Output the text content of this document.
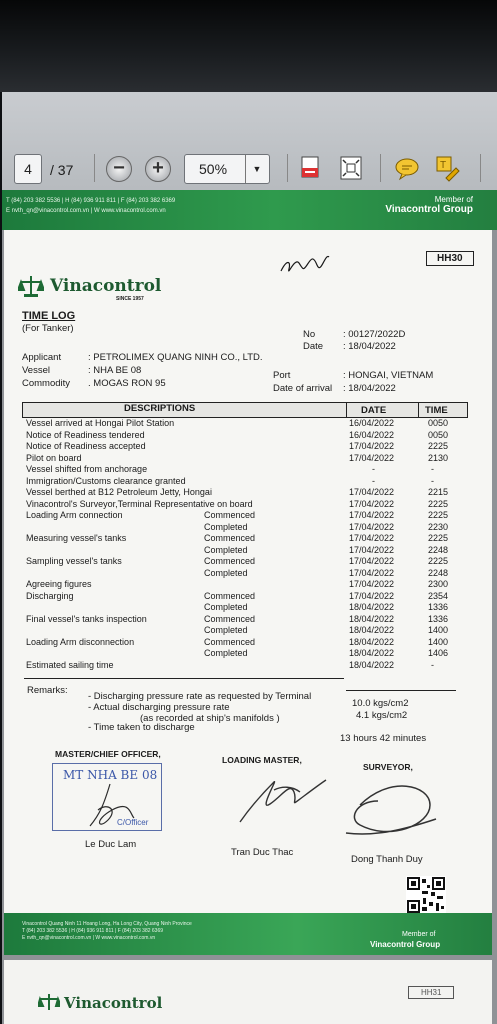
4	/ 37	−	+	50%	▼	T
T (84) 203 382 5536 | H (84) 936 911 811 | F (84) 203 382 6369
E nvth_qn@vinacontrol.com.vn | W www.vinacontrol.com.vn
Member of
Vinacontrol Group
HH30
Vinacontrol
SINCE 1957
TIME LOG
(For Tanker)
No	: 00127/2022D
Date : 18/04/2022
Applicant	: PETROLIMEX QUANG NINH CO., LTD.
Vessel	: NHA BE 08	Port	: HONGAI, VIETNAM
Commodity . MOGAS RON 95	Date of arrival : 18/04/2022
DESCRIPTIONS	DATE	TIME
Vessel arrived at Hongai Pilot Station	16/04/2022	0050
Notice of Readiness tendered	16/04/2022	0050
Notice of Readiness accepted	17/04/2022	2225
Pilot on board	17/04/2022	2130
Vessel shifted from anchorage	-	-
Immigration/Customs clearance granted	-	-
Vessel berthed at B12 Petroleum Jetty, Hongai	17/04/2022	2215
Vinacontrol's Surveyor,Terminal Representative on board	17/04/2022	2225
Loading Arm connection	Commenced	17/04/2022	2225
Completed	17/04/2022	2230
Measuring vessel's tanks	Commenced	17/04/2022	2225
Completed	17/04/2022	2248
Sampling vessel's tanks	Commenced	17/04/2022	2225
Completed	17/04/2022	2248
Agreeing figures	17/04/2022	2300
Discharging	Commenced	17/04/2022	2354
Completed	18/04/2022	1336
Final vessel's tanks inspection	Commenced	18/04/2022	1336
Completed	18/04/2022	1400
Loading Arm disconnection	Commenced	18/04/2022	1400
Completed	18/04/2022	1406
Estimated sailing time	18/04/2022	-
Remarks:
- Discharging pressure rate as requested by Terminal
10.0 kgs/cm2
- Actual discharging pressure rate
4.1 kgs/cm2
(as recorded at ship's manifolds )
- Time taken to discharge
13 hours 42 minutes
MASTER/CHIEF OFFICER,
LOADING MASTER,
SURVEYOR,
MT NHA BE 08
C/Officer
Le Duc Lam
Tran Duc Thac
Dong Thanh Duy
Vinacontrol Quang Ninh 11 Hoang Long, Ha Long City, Quang Ninh Province
T (84) 203 382 5536 | H (84) 936 911 811 | F (84) 203 382 6369
E nvth_qn@vinacontrol.com.vn | W www.vinacontrol.com.vn	Member of
Vinacontrol Group
Vinacontrol
HH31
